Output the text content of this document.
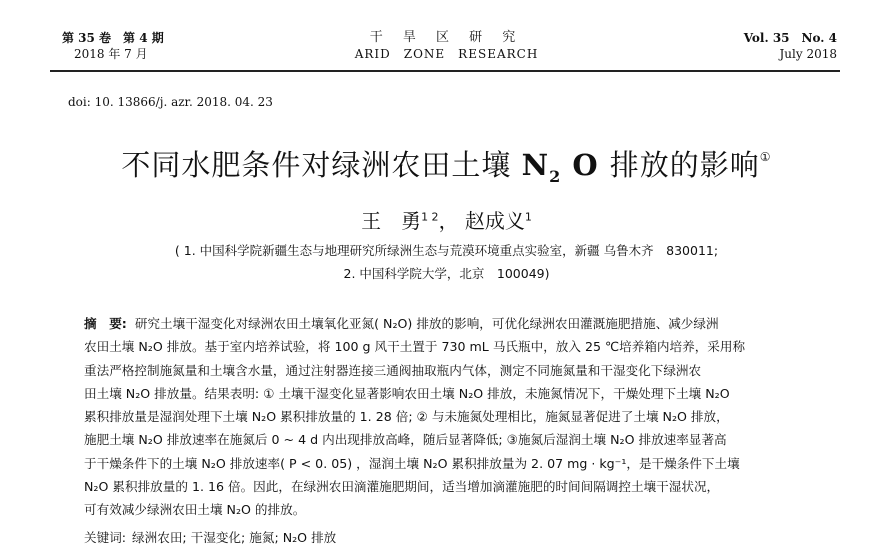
第 35 卷　第 4 期
2018 年 7 月
干 旱 区 研 究
ARID　ZONE　RESEARCH
Vol. 35　No. 4
July 2018
doi: 10. 13866/j. azr. 2018. 04. 23
不同水肥条件对绿洲农田土壤 $N_2$ O 排放的影响①
王　勇$^{1 2}$， 赵成义$^1$
( 1. 中国科学院新疆生态与地理研究所绿洲生态与荒漠环境重点实验室，新疆 乌鲁木齐　830011;
2. 中国科学院大学，北京　100049)
摘　要: 研究土壤干湿变化对绿洲农田土壤氧化亚氮( N₂O) 排放的影响，可优化绿洲农田灌溉施肥措施、减少绿洲
农田土壤 N₂O 排放。基于室内培养试验，将 100 g 风干土置于 730 mL 马氏瓶中，放入 25 ℃培养箱内培养，采用称
重法严格控制施氮量和土壤含水量，通过注射器连接三通阀抽取瓶内气体，测定不同施氮量和干湿变化下绿洲农
田土壤 N₂O 排放量。结果表明: ① 土壤干湿变化显著影响农田土壤 N₂O 排放，未施氮情况下，干燥处理下土壤 N₂O
累积排放量是湿润处理下土壤 N₂O 累积排放量的 1. 28 倍; ② 与未施氮处理相比，施氮显著促进了土壤 N₂O 排放，
施肥土壤 N₂O 排放速率在施氮后 0 ~ 4 d 内出现排放高峰，随后显著降低; ③施氮后湿润土壤 N₂O 排放速率显著高
于干燥条件下的土壤 N₂O 排放速率( P < 0. 05) ，湿润土壤 N₂O 累积排放量为 2. 07 mg · kg⁻¹，是干燥条件下土壤
N₂O 累积排放量的 1. 16 倍。因此，在绿洲农田滴灌施肥期间，适当增加滴灌施肥的时间间隔调控土壤干湿状况，
可有效减少绿洲农田土壤 N₂O 的排放。
关键词: 绿洲农田; 干湿变化; 施氮; N₂O 排放
